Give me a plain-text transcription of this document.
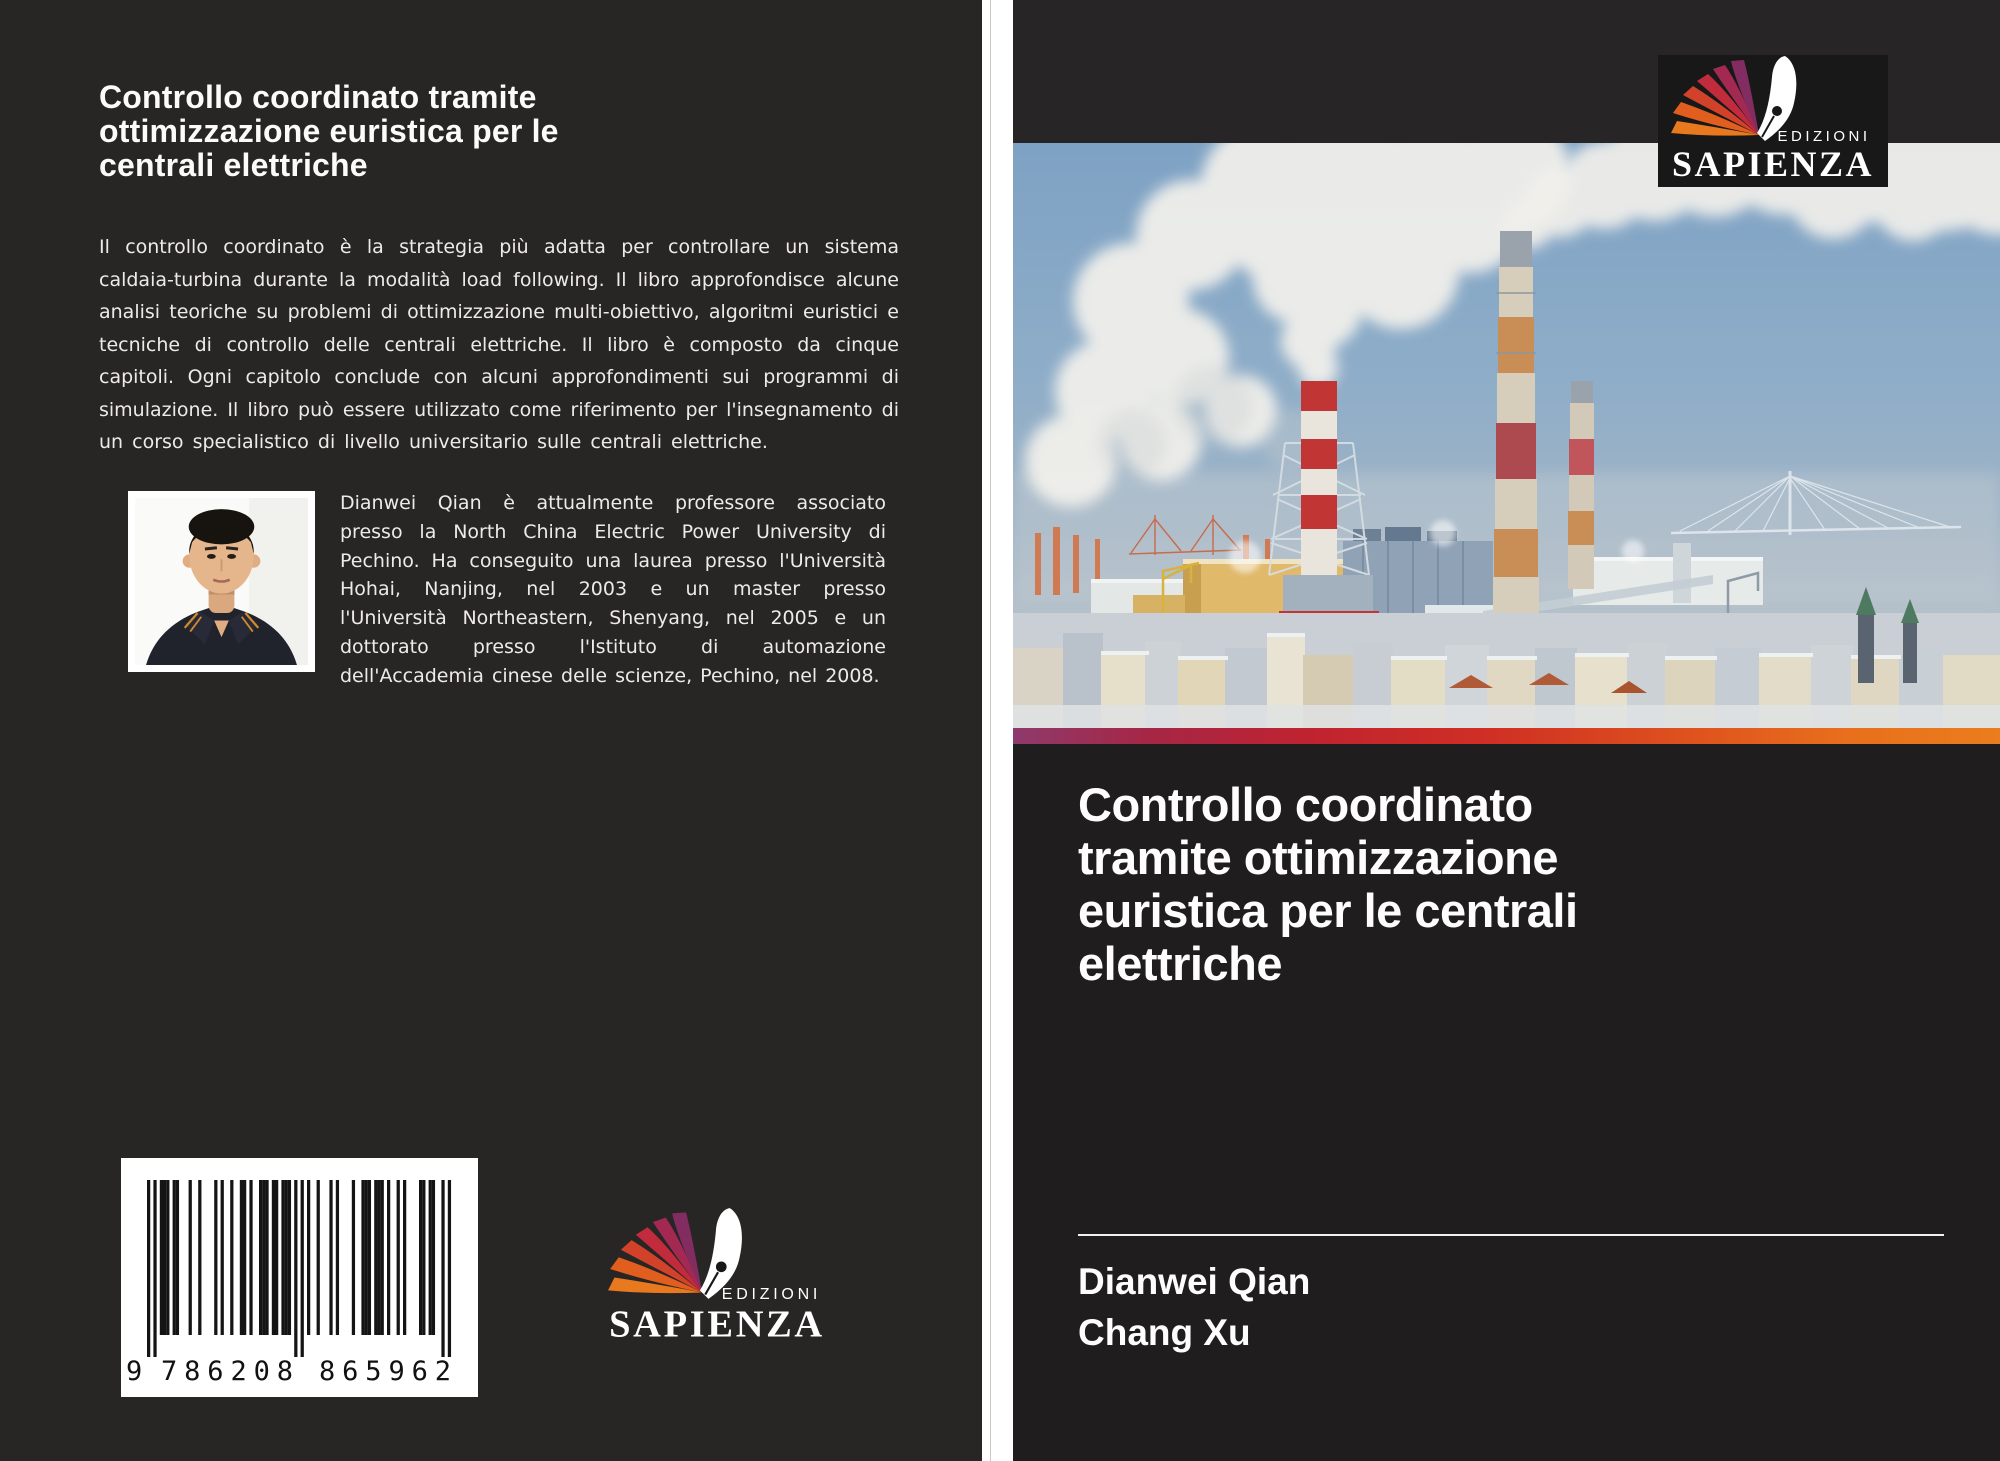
Controllo coordinato tramite
ottimizzazione euristica per le
centrali elettriche

Il controllo coordinato è la strategia più adatta per controllare un sistema caldaia-turbina durante la modalità load following. Il libro approfondisce alcune analisi teoriche su problemi di ottimizzazione multi-obiettivo, algoritmi euristici e tecniche di controllo delle centrali elettriche. Il libro è composto da cinque capitoli. Ogni capitolo conclude con alcuni approfondimenti sui programmi di simulazione. Il libro può essere utilizzato come riferimento per l'insegnamento di un corso specialistico di livello universitario sulle centrali elettriche.

Dianwei Qian è attualmente professore associato presso la North China Electric Power University di Pechino. Ha conseguito una laurea presso l'Università Hohai, Nanjing, nel 2003 e un master presso l'Università Northeastern, Shenyang, nel 2005 e un dottorato presso l'Istituto di automazione dell'Accademia cinese delle scienze, Pechino, nel 2008.

9 786208 865962
Controllo coordinato
tramite ottimizzazione
euristica per le centrali
elettriche
Dianwei Qian
Chang Xu
